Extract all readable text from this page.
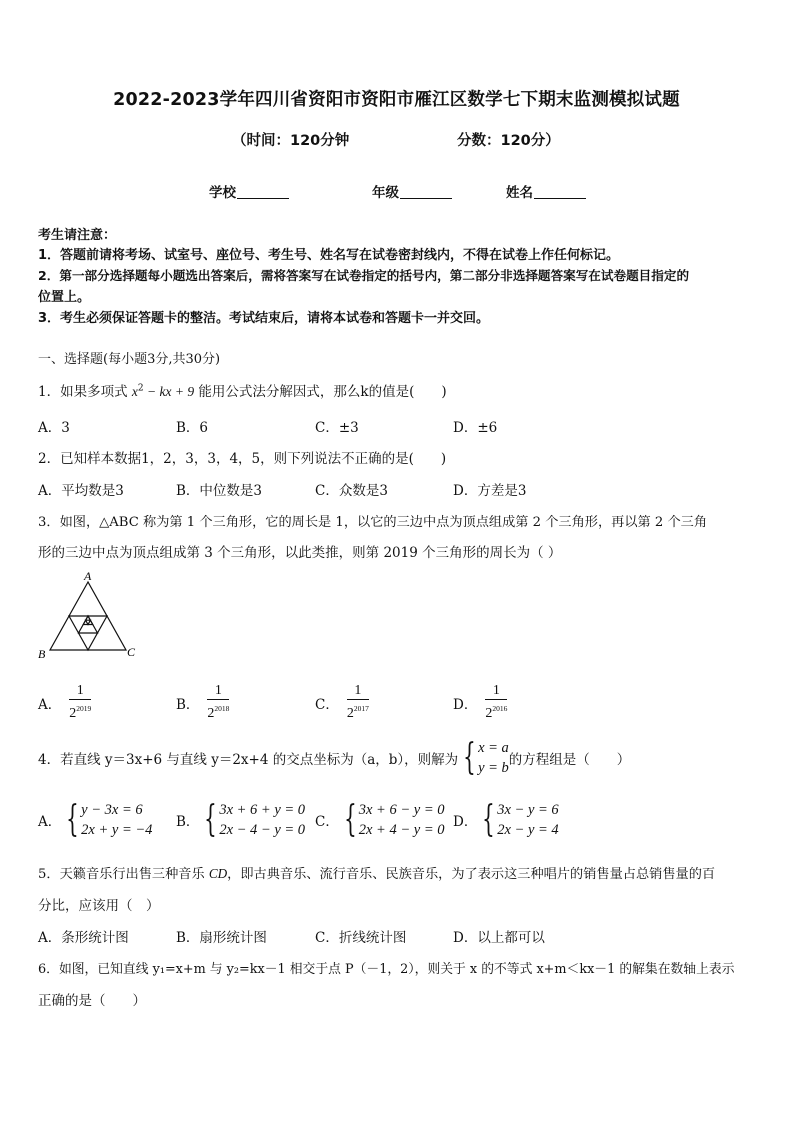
2022-2023学年四川省资阳市资阳市雁江区数学七下期末监测模拟试题
（时间：120分钟	分数：120分）
学校	年级	姓名
考生请注意：
1．答题前请将考场、试室号、座位号、考生号、姓名写在试卷密封线内，不得在试卷上作任何标记。
2．第一部分选择题每小题选出答案后，需将答案写在试卷指定的括号内，第二部分非选择题答案写在试卷题目指定的
位置上。
3．考生必须保证答题卡的整洁。考试结束后，请将本试卷和答题卡一并交回。
一、选择题(每小题3分,共30分)
1．如果多项式 $x^2$ − kx + 9 能用公式法分解因式，那么k的值是(　　)
A．3	B．6	C．±3	D．±6
2．已知样本数据1，2，3，3，4，5，则下列说法不正确的是(　　)
A．平均数是3	B．中位数是3	C．众数是3	D．方差是3
3．如图，△ABC 称为第 1 个三角形，它的周长是 1，以它的三边中点为顶点组成第 2 个三角形，再以第 2 个三角
形的三边中点为顶点组成第 3 个三角形，以此类推，则第 2019 个三角形的周长为（ ）
A
B	C
A． $\frac{1}{2^{2019}}$	B． $\frac{1}{2^{2018}}$	C． $\frac{1}{2^{2017}}$	D． $\frac{1}{2^{2016}}$
4．若直线 y＝3x+6 与直线 y＝2x+4 的交点坐标为（a，b），则解为 { x = a
y = b 的方程组是（　　）
A． { y − 3x = 6
2x + y = −4 B． { 3x + 6 + y = 0
2x − 4 − y = 0 C． { 3x + 6 − y = 0
2x + 4 − y = 0 D． { 3x − y = 6
2x − y = 4
5．天籁音乐行出售三种音乐 CD，即古典音乐、流行音乐、民族音乐，为了表示这三种唱片的销售量占总销售量的百
分比，应该用（　）
A．条形统计图	B．扇形统计图	C．折线统计图	D．以上都可以
6．如图，已知直线 y₁=x+m 与 y₂=kx－1 相交于点 P（－1，2），则关于 x 的不等式 x+m＜kx－1 的解集在数轴上表示
正确的是（　　）
